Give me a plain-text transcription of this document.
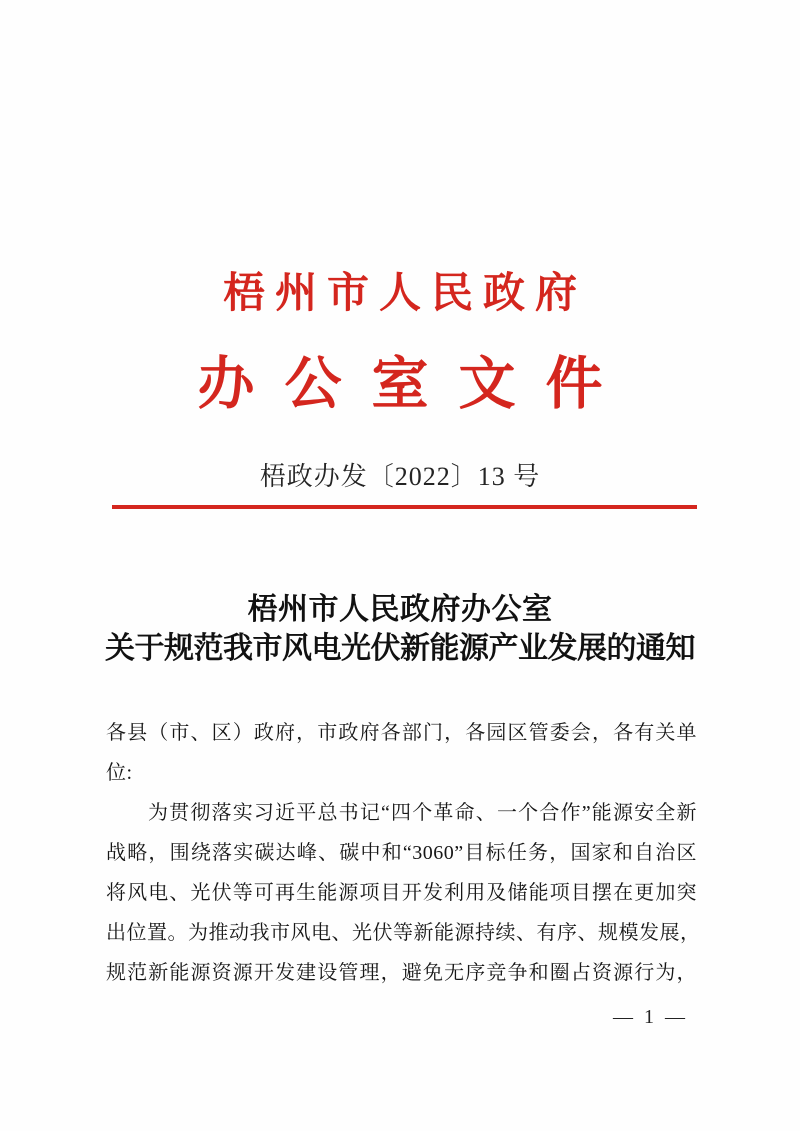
梧州市人民政府
办公室文件
梧政办发〔2022〕13 号
梧州市人民政府办公室
关于规范我市风电光伏新能源产业发展的通知
各县（市、区）政府，市政府各部门，各园区管委会，各有关单
位:
为贯彻落实习近平总书记“四个革命、一个合作”能源安全新
战略，围绕落实碳达峰、碳中和“3060”目标任务，国家和自治区
将风电、光伏等可再生能源项目开发利用及储能项目摆在更加突
出位置。为推动我市风电、光伏等新能源持续、有序、规模发展，
规范新能源资源开发建设管理，避免无序竞争和圈占资源行为，
— 1 —
